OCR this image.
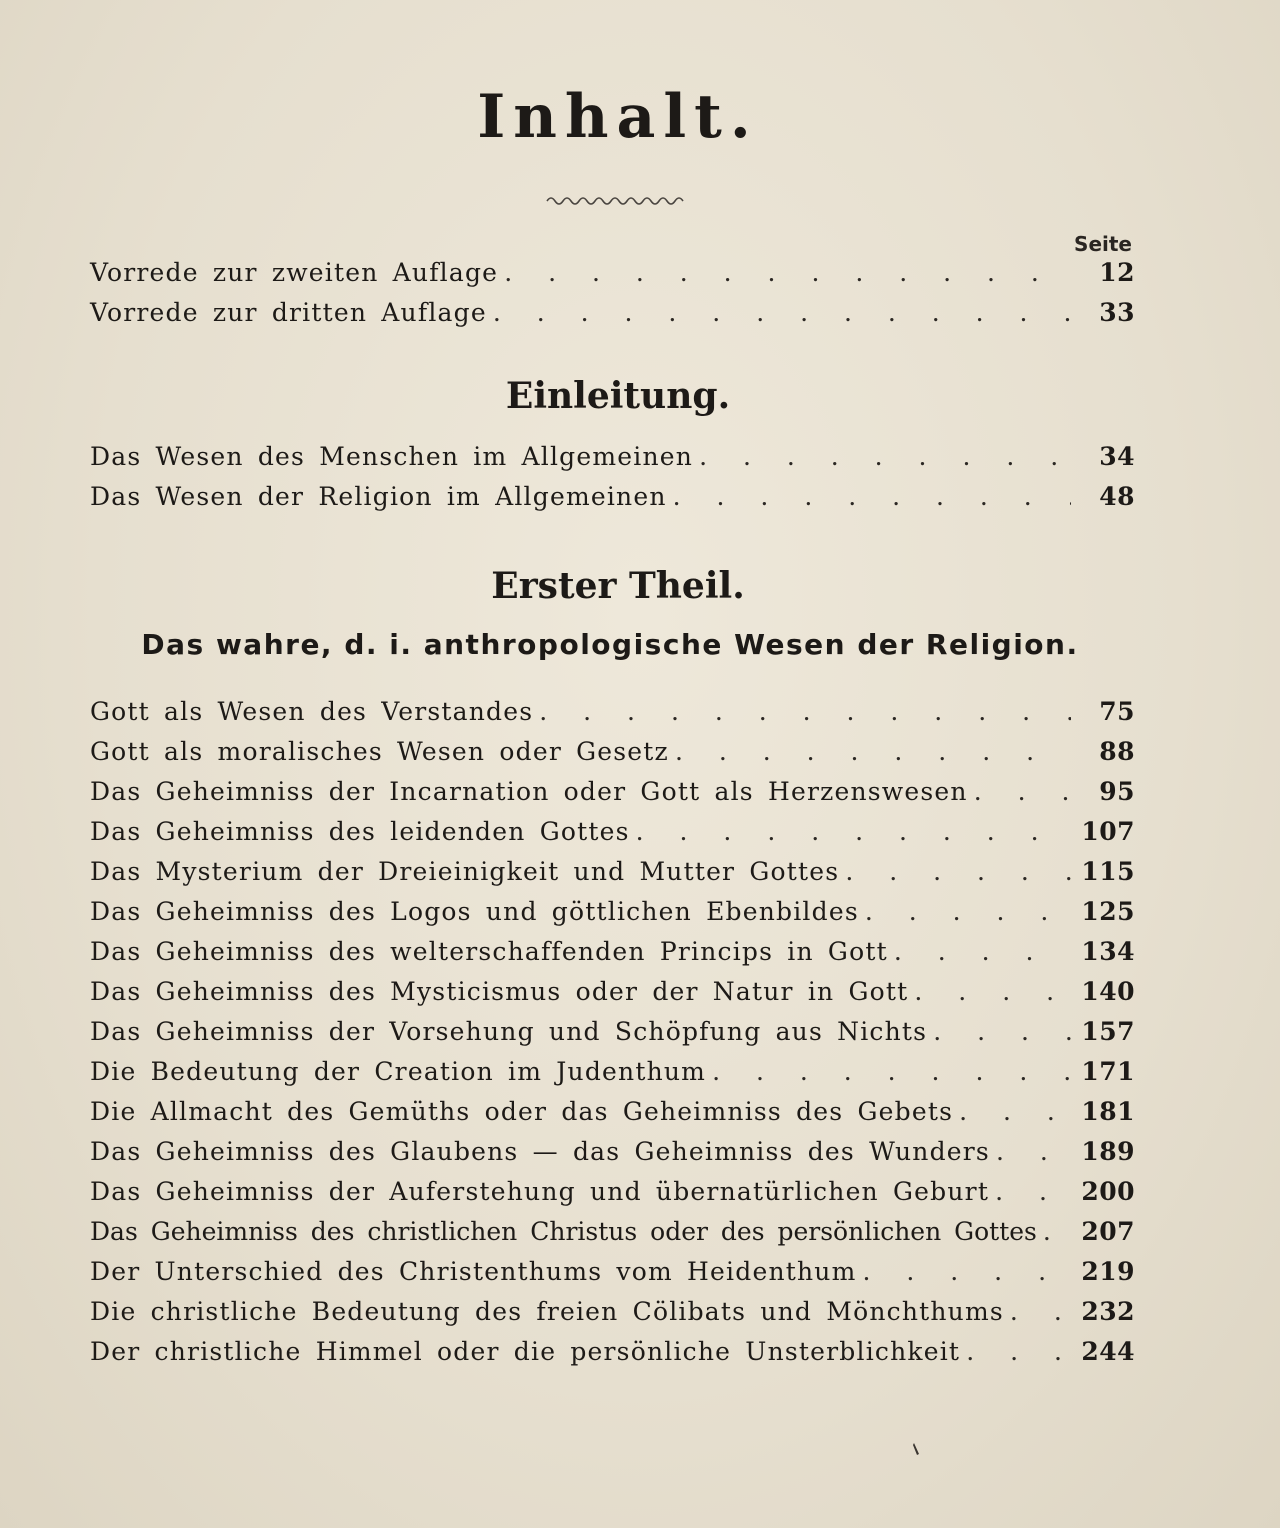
Inhalt.
Seite
Vorrede zur zweiten Auflage . . .	12
Vorrede zur dritten Auflage . . .	33
Einleitung.
Das Wesen des Menschen im Allgemeinen . . .	34
Das Wesen der Religion im Allgemeinen . . .	48
Erster Theil.
Das wahre, d. i. anthropologische Wesen der Religion.
Gott als Wesen des Verstandes . . .	75
Gott als moralisches Wesen oder Gesetz . . .	88
Das Geheimniss der Incarnation oder Gott als Herzenswesen . . .	95
Das Geheimniss des leidenden Gottes . . .	107
Das Mysterium der Dreieinigkeit und Mutter Gottes . . .	115
Das Geheimniss des Logos und göttlichen Ebenbildes . . .	125
Das Geheimniss des welterschaffenden Princips in Gott . . .	134
Das Geheimniss des Mysticismus oder der Natur in Gott . . .	140
Das Geheimniss der Vorsehung und Schöpfung aus Nichts . . .	157
Die Bedeutung der Creation im Judenthum . . .	171
Die Allmacht des Gemüths oder das Geheimniss des Gebets . . .	181
Das Geheimniss des Glaubens — das Geheimniss des Wunders . . .	189
Das Geheimniss der Auferstehung und übernatürlichen Geburt . . .	200
Das Geheimniss des christlichen Christus oder des persönlichen Gottes . . . 207
Der Unterschied des Christenthums vom Heidenthum . . .	219
Die christliche Bedeutung des freien Cölibats und Mönchthums . . .	232
Der christliche Himmel oder die persönliche Unsterblichkeit . . .	244
